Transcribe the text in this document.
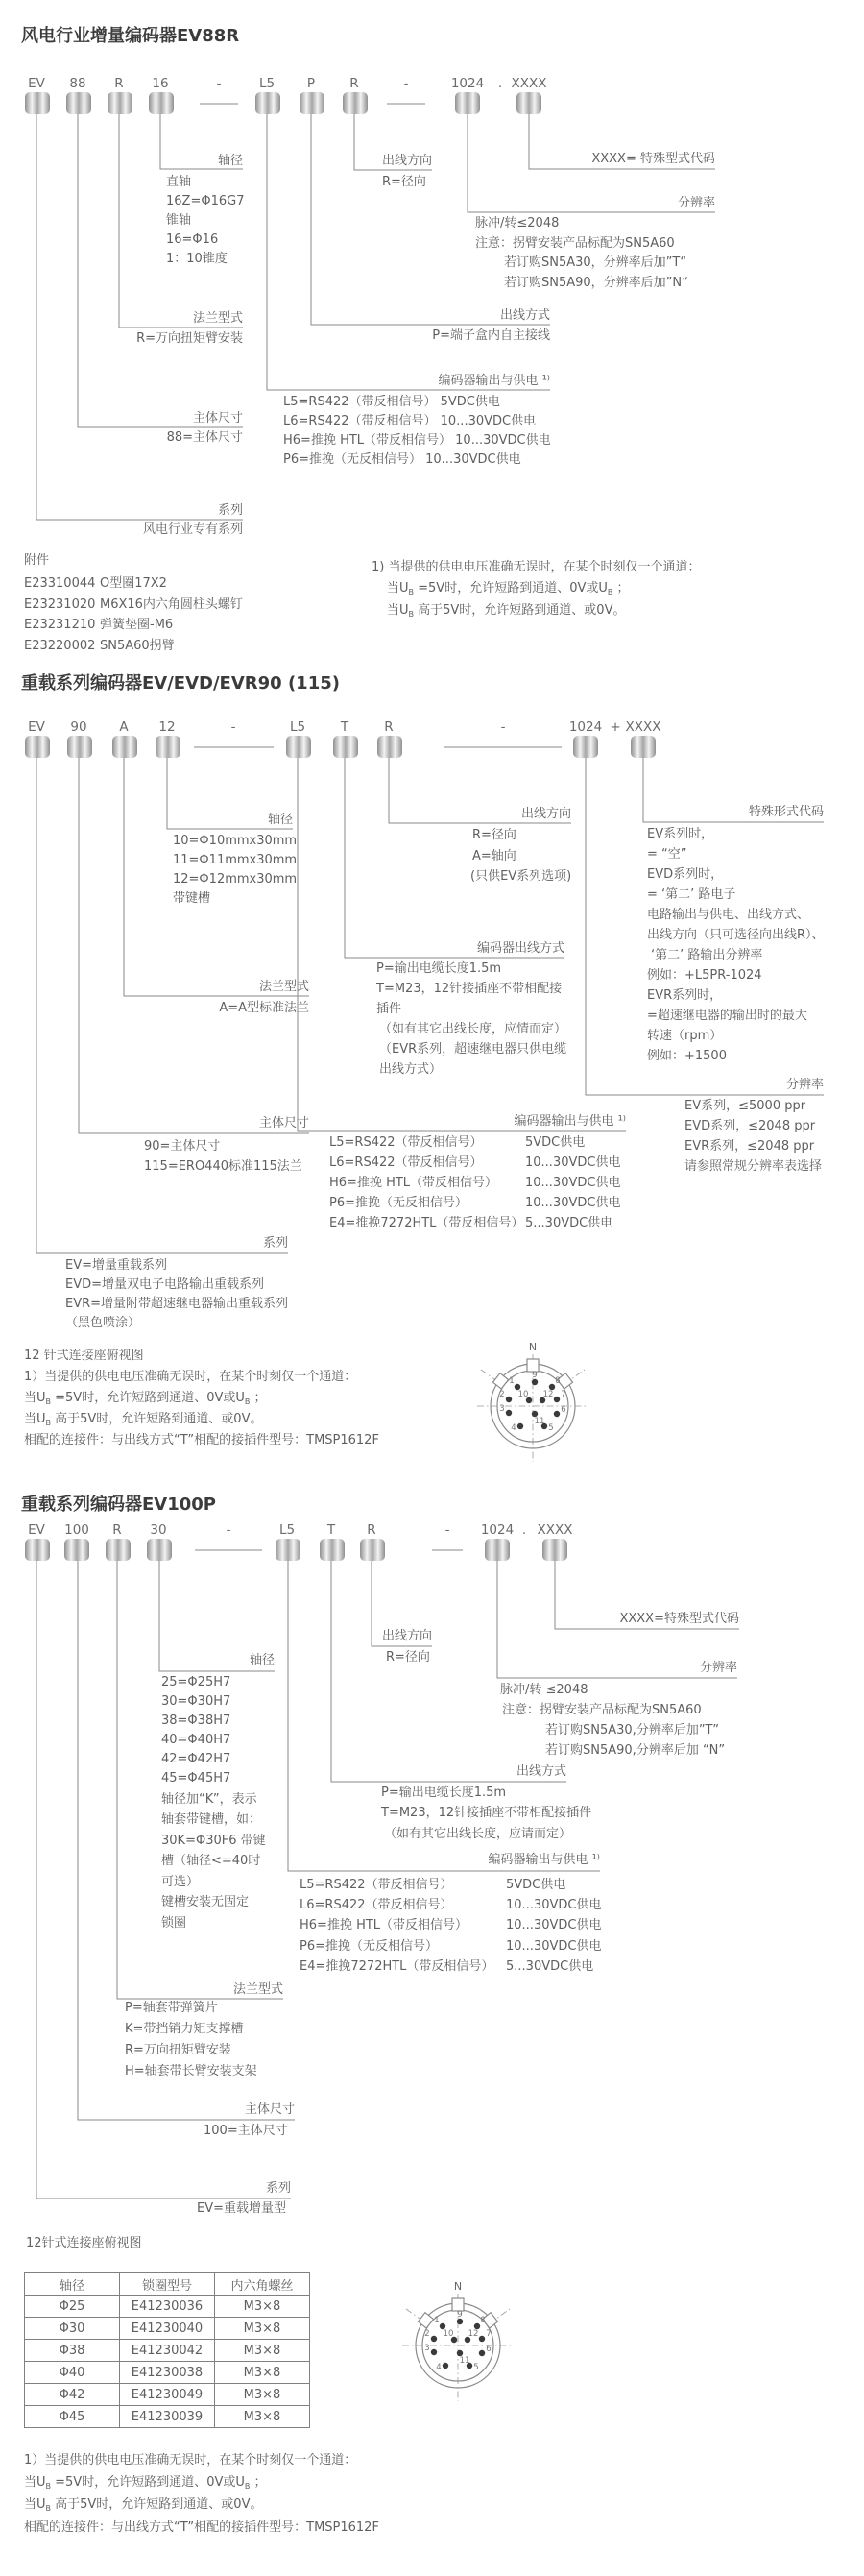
风电行业增量编码器EV88R
EV 88 R 16	-	L5	P	R	-	1024 . XXXX
轴径
直轴
16Z=Φ16G7
锥轴
16=Φ16
1：10锥度
出线方向
R=径向
XXXX= 特殊型式代码
分辨率
脉冲/转≤2048
注意：拐臂安装产品标配为SN5A60
若订购SN5A30，分辨率后加”T“
若订购SN5A90，分辨率后加”N“
法兰型式
R=万向扭矩臂安装
出线方式
P=端子盒内自主接线
编码器输出与供电 ¹⁾
L5=RS422（带反相信号） 5VDC供电
L6=RS422（带反相信号） 10...30VDC供电
H6=推挽 HTL（带反相信号） 10...30VDC供电
P6=推挽（无反相信号） 10...30VDC供电
主体尺寸
88=主体尺寸
系列
风电行业专有系列
附件
E23310044 O型圈17X2
E23231020 M6X16内六角圆柱头螺钉
E23231210 弹簧垫圈-M6
E23220002 SN5A60拐臂
1) 当提供的供电电压准确无误时，在某个时刻仅一个通道：
当$U_B =5V$时，允许短路到通道、0V或$U_B$ ；
当$U_B$ 高于5V时，允许短路到通道、或0V。
重载系列编码器EV/EVD/EVR90 (115)
EV 90	A 12	-	L5	T	R	-	1024 + XXXX
轴径
10=Φ10mmx30mm
11=Φ11mmx30mm
12=Φ12mmx30mm
带键槽
出线方向
R=径向
A=轴向
(只供EV系列选项)
特殊形式代码
EV系列时，
= “空”
EVD系列时，
= ‘第二’ 路电子
电路输出与供电、出线方式、
出线方向（只可选径向出线R）、
‘第二’ 路输出分辨率
例如：+L5PR-1024
EVR系列时，
=超速继电器的输出时的最大
转速（rpm）
例如：+1500
编码器出线方式
P=输出电缆长度1.5m
T=M23，12针接插座不带相配接
插件
（如有其它出线长度，应情而定）
（EVR系列，超速继电器只供电缆
出线方式）
法兰型式
A=A型标准法兰
分辨率
EV系列，≤5000 ppr
EVD系列，≤2048 ppr
EVR系列，≤2048 ppr
请参照常规分辨率表选择
编码器输出与供电 ¹⁾
L5=RS422（带反相信号）	5VDC供电
L6=RS422（带反相信号）	10...30VDC供电
H6=推挽 HTL（带反相信号） 10...30VDC供电
P6=推挽（无反相信号）	10...30VDC供电
E4=推挽7272HTL（带反相信号） 5...30VDC供电
主体尺寸
90=主体尺寸
115=ERO440标准115法兰
系列
EV=增量重载系列
EVD=增量双电子电路输出重载系列
EVR=增量附带超速继电器输出重载系列
（黑色喷涂）
12 针式连接座俯视图
1）当提供的供电电压准确无误时，在某个时刻仅一个通道：
当$U_B =5V$时，允许短路到通道、0V或$U_B$ ；
当$U_B$ 高于5V时，允许短路到通道、或0V。
相配的连接件：与出线方式“T”相配的接插件型号：TMSP1612F
N
1
2
3
4	5
6
7
8
9
10
11
12
重载系列编码器EV100P
EV 100 R 30	-	L5	T R	- 1024 . XXXX
轴径
25=Φ25H7
30=Φ30H7
38=Φ38H7
40=Φ40H7
42=Φ42H7
45=Φ45H7
轴径加“K”，表示
轴套带键槽，如：
30K=Φ30F6 带键
槽（轴径<=40时
可选）
键槽安装无固定
锁圈
出线方向
R=径向
XXXX=特殊型式代码
分辨率
脉冲/转 ≤2048
注意：拐臂安装产品标配为SN5A60
若订购SN5A30,分辨率后加”T”
若订购SN5A90,分辨率后加 “N”
出线方式
P=输出电缆长度1.5m
T=M23，12针接插座不带相配接插件
（如有其它出线长度，应请而定）
编码器输出与供电 ¹⁾
L5=RS422（带反相信号）	5VDC供电
L6=RS422（带反相信号）	10...30VDC供电
H6=推挽 HTL（带反相信号）	10...30VDC供电
P6=推挽（无反相信号）	10...30VDC供电
E4=推挽7272HTL（带反相信号） 5...30VDC供电
法兰型式
P=轴套带弹簧片
K=带挡销力矩支撑槽
R=万向扭矩臂安装
H=轴套带长臂安装支架
主体尺寸
100=主体尺寸
系列
EV=重载增量型
12针式连接座俯视图
轴径	锁圈型号	内六角螺丝
Φ25	E41230036	M3×8
Φ30	E41230040	M3×8
Φ38	E41230042	M3×8
Φ40	E41230038	M3×8
Φ42	E41230049	M3×8
Φ45	E41230039	M3×8
N
1
2
3
4	5
6
7
8
9
10
11
12
1）当提供的供电电压准确无误时，在某个时刻仅一个通道：
当$U_B =5V$时，允许短路到通道、0V或$U_B$ ；
当$U_B$ 高于5V时，允许短路到通道、或0V。
相配的连接件：与出线方式“T”相配的接插件型号：TMSP1612F
